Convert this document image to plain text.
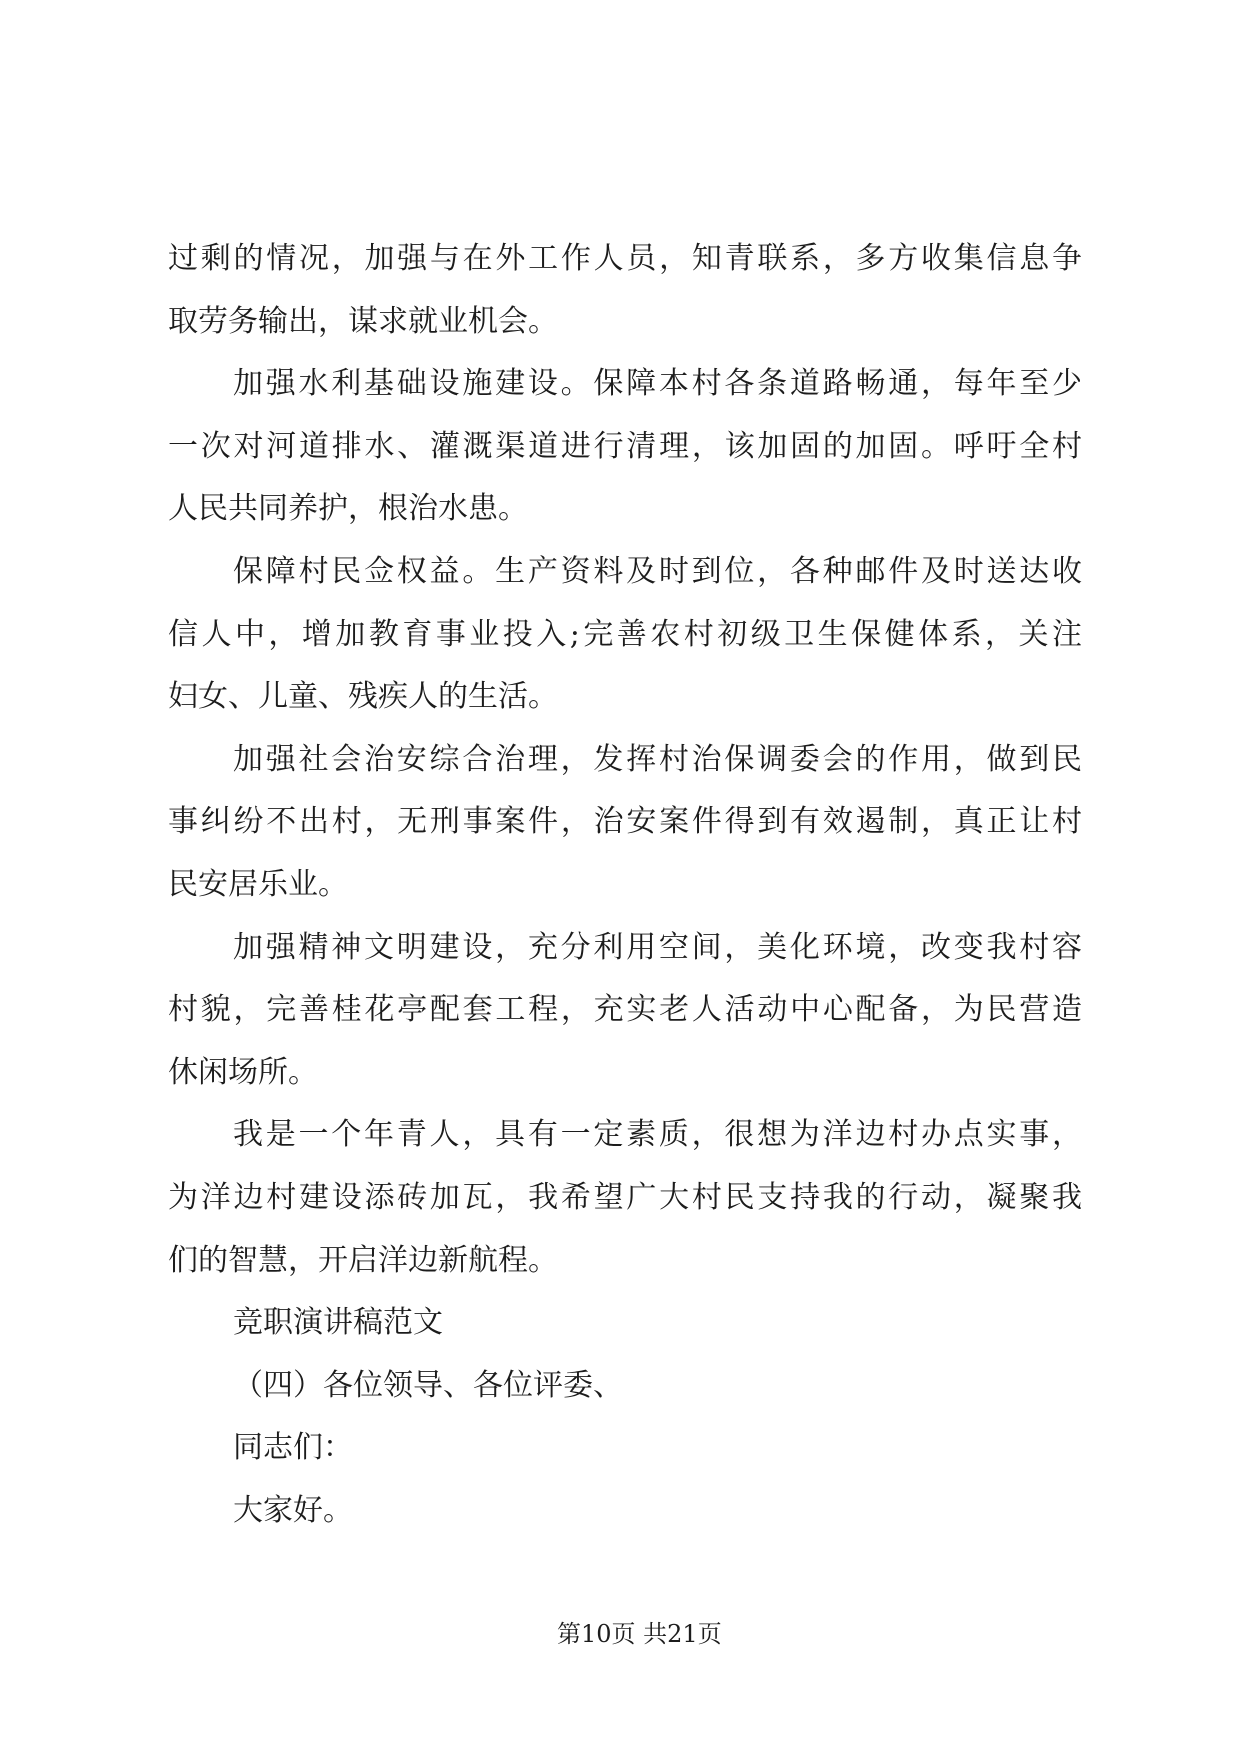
过剩的情况，加强与在外工作人员，知青联系，多方收集信息争
取劳务输出，谋求就业机会。
加强水利基础设施建设。保障本村各条道路畅通，每年至少
一次对河道排水、灌溉渠道进行清理，该加固的加固。呼吁全村
人民共同养护，根治水患。
保障村民佥权益。生产资料及时到位，各种邮件及时送达收
信人中，增加教育事业投入;完善农村初级卫生保健体系，关注
妇女、儿童、残疾人的生活。
加强社会治安综合治理，发挥村治保调委会的作用，做到民
事纠纷不出村，无刑事案件，治安案件得到有效遏制，真正让村
民安居乐业。
加强精神文明建设，充分利用空间，美化环境，改变我村容
村貌，完善桂花亭配套工程，充实老人活动中心配备，为民营造
休闲场所。
我是一个年青人，具有一定素质，很想为洋边村办点实事，
为洋边村建设添砖加瓦，我希望广大村民支持我的行动，凝聚我
们的智慧，开启洋边新航程。
竞职演讲稿范文
（四）各位领导、各位评委、
同志们：
大家好。
第10页 共21页
